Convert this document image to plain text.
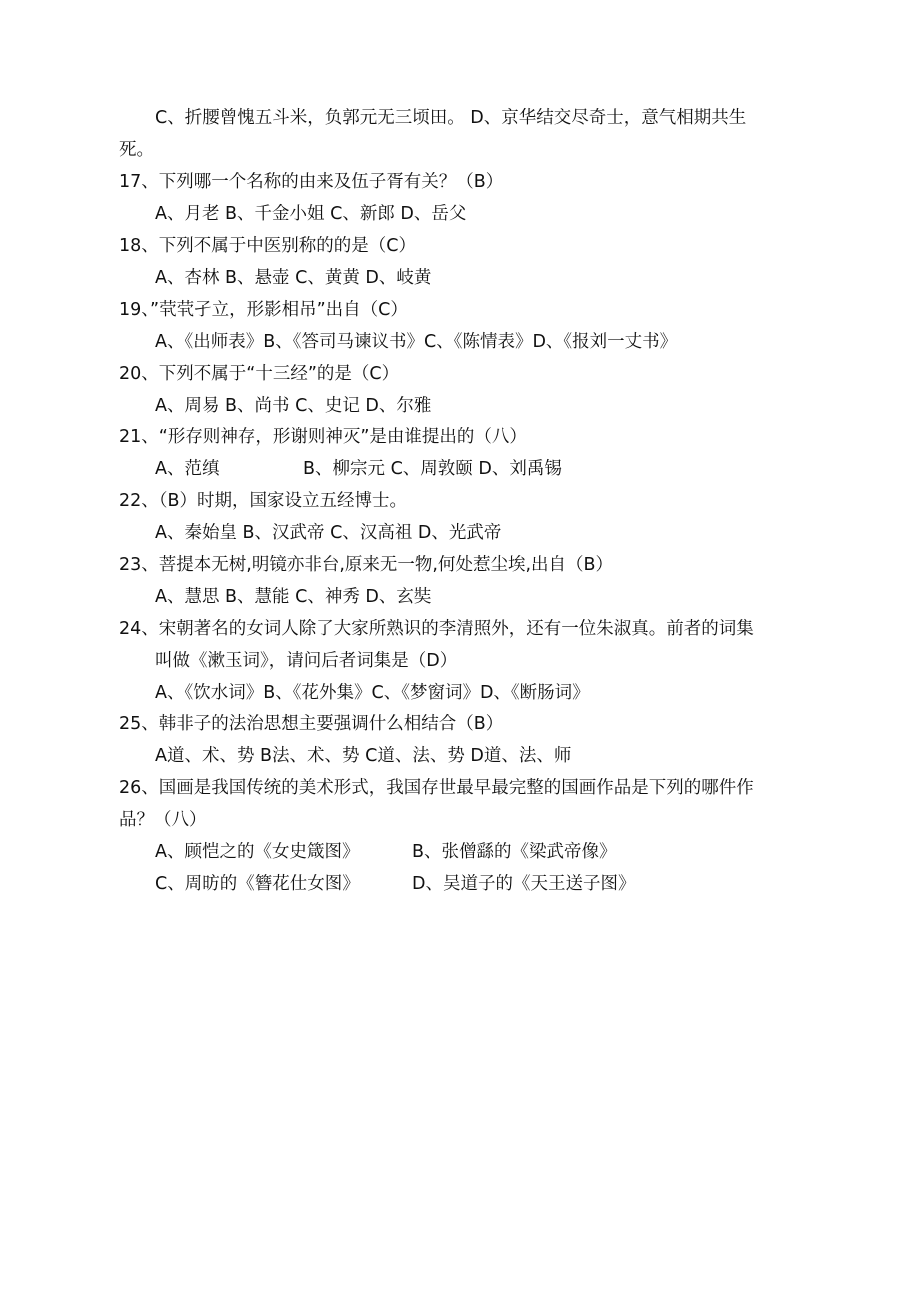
C、折腰曾愧五斗米，负郭元无三顷田。 D、京华结交尽奇士，意气相期共生
死。
17、下列哪一个名称的由来及伍子胥有关？（B）
A、月老 B、千金小姐 C、新郎 D、岳父
18、下列不属于中医别称的的是（C）
A、杏林 B、悬壶 C、黄黄 D、岐黄
19、”茕茕孑立，形影相吊”出自（C）
A、《出师表》B、《答司马谏议书》C、《陈情表》D、《报刘一丈书》
20、下列不属于“十三经”的是（C）
A、周易 B、尚书 C、史记 D、尔雅
21、“形存则神存，形谢则神灭”是由谁提出的（八）
A、范缜	B、柳宗元 C、周敦颐 D、刘禹锡
22、（B）时期，国家设立五经博士。
A、秦始皇 B、汉武帝 C、汉高祖 D、光武帝
23、菩提本无树,明镜亦非台,原来无一物,何处惹尘埃,出自（B）
A、慧思 B、慧能 C、神秀 D、玄奘
24、宋朝著名的女词人除了大家所熟识的李清照外，还有一位朱淑真。前者的词集
叫做《漱玉词》，请问后者词集是（D）
A、《饮水词》B、《花外集》C、《梦窗词》D、《断肠词》
25、韩非子的法治思想主要强调什么相结合（B）
A道、术、势 B法、术、势 C道、法、势 D道、法、师
26、国画是我国传统的美术形式，我国存世最早最完整的国画作品是下列的哪件作
品？（八）
A、顾恺之的《女史箴图》	B、张僧繇的《梁武帝像》
C、周昉的《簪花仕女图》	D、吴道子的《天王送子图》
